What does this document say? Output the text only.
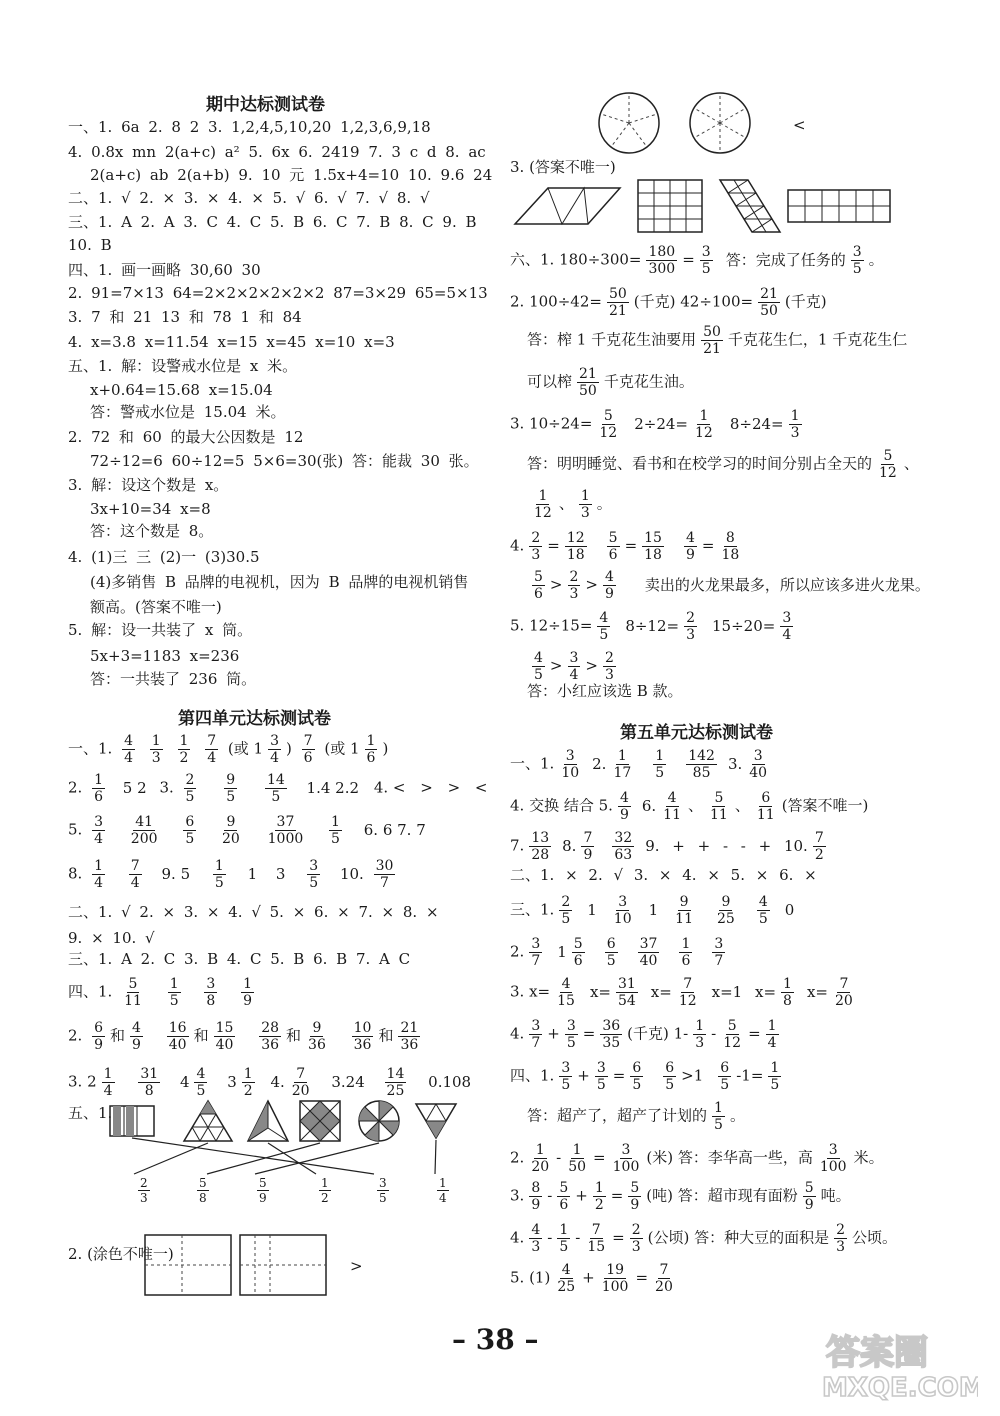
期中达标测试卷
一、1. 6a 2. 8 2 3. 1,2,4,5,10,20 1,2,3,6,9,18
4. 0.8x mn 2(a+c) a² 5. 6x 6. 2419 7. 3 c d 8. ac
2(a+c) ab 2(a+b) 9. 10 元 1.5x+4=10 10. 9.6 24
二、1. √ 2. × 3. × 4. × 5. √ 6. √ 7. √ 8. √
三、1. A 2. A 3. C 4. C 5. B 6. C 7. B 8. C 9. B
10. B
四、1. 画一画略 30,60 30
2. 91=7×13 64=2×2×2×2×2×2 87=3×29 65=5×13
3. 7 和 21 13 和 78 1 和 84
4. x=3.8 x=11.54 x=15 x=45 x=10 x=3
五、1. 解：设警戒水位是 x 米。
x+0.64=15.68 x=15.04
答：警戒水位是 15.04 米。
2. 72 和 60 的最大公因数是 12
72÷12=6 60÷12=5 5×6=30(张) 答：能裁 30 张。
3. 解：设这个数是 x。
3x+10=34 x=8
答：这个数是 8。
4. (1)三 三 (2)一 (3)30.5
(4)多销售 B 品牌的电视机，因为 B 品牌的电视机销售
额高。(答案不唯一)
5. 解：设一共装了 x 筒。
5x+3=1183 x=236
答：一共装了 236 筒。
第四单元达标测试卷
一、1. $\frac{4}{4}$
$\frac{1}{3}$
$\frac{1}{2}$
$\frac{7}{4}$ (或 $1 \frac{3}{4}$ ) $\frac{7}{6}$ (或 $1 \frac{1}{6}$ )
2. $\frac{1}{6} 5$ 2 3. $\frac{2}{5}$
$\frac{9}{5}$
$\frac{14}{5} 1.4$ 2.2 4. < > > <
5. $\frac{3}{4}$
$\frac{41}{200}$
$\frac{6}{5}$
$\frac{9}{20}$
$\frac{37}{1000}$
$\frac{1}{5} 6$. 6 7. 7
8. $\frac{1}{4}$
$\frac{7}{4} 9$. $5 \frac{1}{5} 1$ $3 \frac{3}{5} 10$. $\frac{30}{7}$
二、1. √ 2. × 3. × 4. √ 5. × 6. × 7. × 8. ×
9. × 10. √
三、1. A 2. C 3. B 4. C 5. B 6. B 7. A C
四、1. $\frac{5}{11}$
$\frac{1}{5}$
$\frac{3}{8}$
$\frac{1}{9}$
2. $\frac{6}{9}$ 和 $\frac{4}{9}$
$\frac{16}{40}$ 和 $\frac{15}{40}$
$\frac{28}{36}$ 和 $\frac{9}{36}$
$\frac{10}{36}$ 和 $\frac{21}{36}$
3. $2 \frac{1}{4}$
$\frac{31}{8} 4 \frac{4}{5} 3 \frac{1}{2} 4$. $\frac{7}{20} 3.24 \frac{14}{25} 0.108$
五、1.
2
3
5
8
5
9
1
2
3
5
1
4
2. (涂色不唯一)
>
<
3. (答案不唯一)
六、1. $180\div 300= \frac{180}{300} = \frac{3}{5}$ 答：完成了任务的 $\frac{3}{5}$ 。
2. $100\div 42= \frac{50}{21}$ (千克) $42\div 100= \frac{21}{50}$ (千克)
答：榨 1 千克花生油要用 $\frac{50}{21}$ 千克花生仁，1 千克花生仁
可以榨 $\frac{21}{50}$ 千克花生油。
3. $10\div 24= \frac{5}{12} 2\div 24= \frac{1}{12} 8\div 24= \frac{1}{3}$
答：明明睡觉、看书和在校学习的时间分别占全天的 $\frac{5}{12}$ 、
$\frac{1}{12}$ 、 $\frac{1}{3}$ 。
4. $\frac{2}{3} = \frac{12}{18} \frac{5}{6} = \frac{15}{18} \frac{4}{9} = \frac{8}{18}$
$\frac{5}{6} > \frac{2}{3} > \frac{4}{9}$ 卖出的火龙果最多，所以应该多进火龙果。
5. $12\div 15= \frac{4}{5} 8\div 12= \frac{2}{3} 15\div 20= \frac{3}{4}$
$\frac{4}{5} > \frac{3}{4} > \frac{2}{3}$
答：小红应该选 B 款。
第五单元达标测试卷
一、1. $\frac{3}{10} 2$. $\frac{1}{17} \frac{1}{5} \frac{142}{85} 3$. $\frac{3}{40}$
4. 交换 结合 5. $\frac{4}{9} 6$. $\frac{4}{11}$ 、 $\frac{5}{11}$ 、 $\frac{6}{11}$ (答案不唯一)
7. $\frac{13}{28} 8$. $\frac{7}{9} \frac{32}{63} 9$. + + - - + 10. $\frac{7}{2}$
二、1. × 2. √ 3. × 4. × 5. × 6. ×
三、1. $\frac{2}{5} 1 \frac{3}{10} 1 \frac{9}{11} \frac{9}{25} \frac{4}{5} 0$
2. $\frac{3}{7} 1 \frac{5}{6} \frac{6}{5} \frac{37}{40} \frac{1}{6} \frac{3}{7}$
3. $x= \frac{4}{15} x= \frac{31}{54} x= \frac{7}{12} x=1$ $x= \frac{1}{8} x= \frac{7}{20}$
4. $\frac{3}{7} + \frac{3}{5} = \frac{36}{35}$ (千克) $1- \frac{1}{3} - \frac{5}{12} = \frac{1}{4}$
四、1. $\frac{3}{5} + \frac{3}{5} = \frac{6}{5} \frac{6}{5} >1 \frac{6}{5} -1= \frac{1}{5}$
答：超产了，超产了计划的 $\frac{1}{5}$ 。
2. $\frac{1}{20} - \frac{1}{50} = \frac{3}{100}$ (米) 答：李华高一些，高 $\frac{3}{100}$ 米。
3. $\frac{8}{9} - \frac{5}{6} + \frac{1}{2} = \frac{5}{9}$ (吨) 答：超市现有面粉 $\frac{5}{9}$ 吨。
4. $\frac{4}{3} - \frac{1}{5} - \frac{7}{15} = \frac{2}{3}$ (公顷) 答：种大豆的面积是 $\frac{2}{3}$ 公顷。
5. $(1) \frac{4}{25} + \frac{19}{100} = \frac{7}{20}$
– 38 –	答案圈
MXQE.COM
